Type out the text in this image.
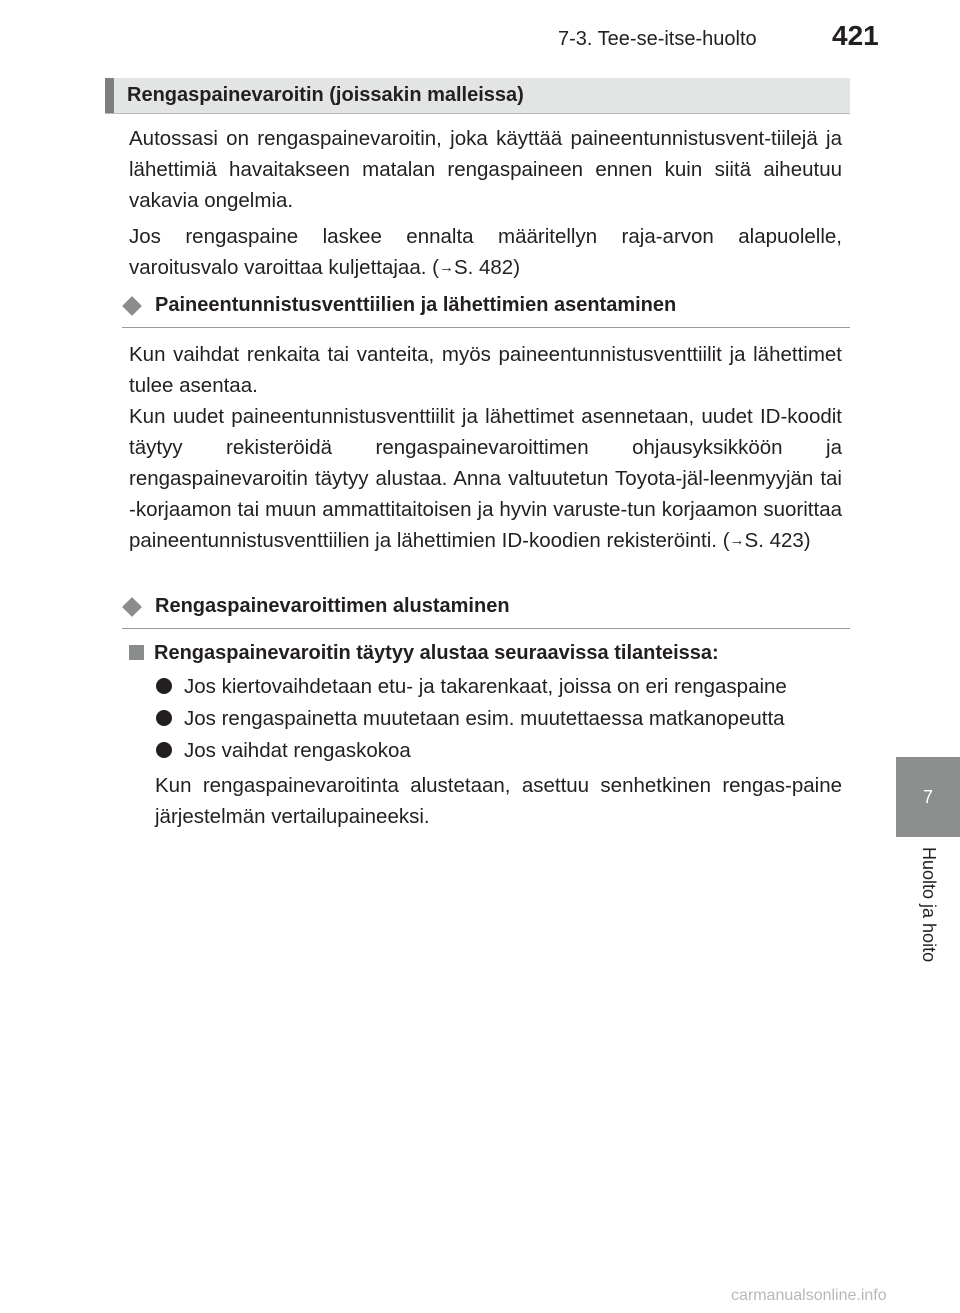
7-3. Tee-se-itse-huolto	421
7
Huolto ja hoito
Rengaspainevaroitin (joissakin malleissa)

Autossasi on rengaspainevaroitin, joka käyttää paineentunnistusvent-tiilejä ja lähettimiä havaitakseen matalan rengaspaineen ennen kuin siitä aiheutuu vakavia ongelmia.

Jos rengaspaine laskee ennalta määritellyn raja-arvon alapuolelle, varoitusvalo varoittaa kuljettajaa. (→S. 482)

Paineentunnistusventtiilien ja lähettimien asentaminen

Kun vaihdat renkaita tai vanteita, myös paineentunnistusventtiilit ja lähettimet tulee asentaa.

Kun uudet paineentunnistusventtiilit ja lähettimet asennetaan, uudet ID-koodit täytyy rekisteröidä rengaspainevaroittimen ohjausyksikköön ja rengaspainevaroitin täytyy alustaa. Anna valtuutetun Toyota-jäl-leenmyyjän tai -korjaamon tai muun ammattitaitoisen ja hyvin varuste-tun korjaamon suorittaa paineentunnistusventtiilien ja lähettimien ID-koodien rekisteröinti. (→S. 423)

Rengaspainevaroittimen alustaminen
Rengaspainevaroitin täytyy alustaa seuraavissa tilanteissa:
Jos kiertovaihdetaan etu- ja takarenkaat, joissa on eri rengaspaine
Jos rengaspainetta muutetaan esim. muutettaessa matkanopeutta
Jos vaihdat rengaskokoa

Kun rengaspainevaroitinta alustetaan, asettuu senhetkinen rengas-paine järjestelmän vertailupaineeksi.

carmanualsonline.info
